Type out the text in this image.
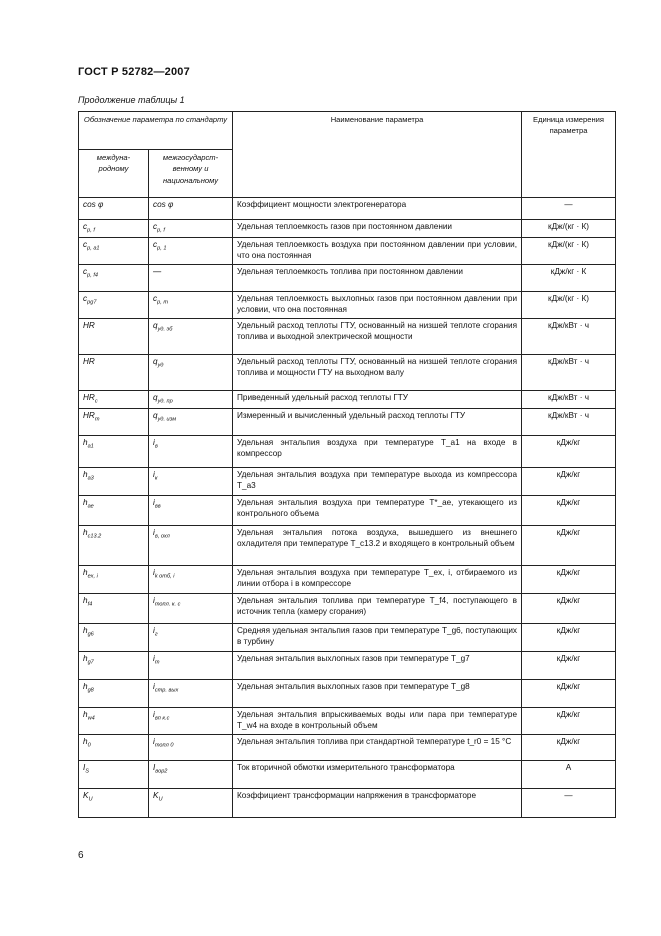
ГОСТ Р 52782—2007
Продолжение таблицы 1
Обозначение параметра по стандарту		Наименование параметра	Единица измерения параметра
междуна-родному	межгосударст-венному и национальному		
cos φ	cos φ	Коэффициент мощности электрогенератора	—
$c_{p, f}$	$c_{p, f}$	Удельная теплоемкость газов при постоянном давлении	кДж/(кг · К)
$c_{p, a1}$	$c_{p, 1}$	Удельная теплоемкость воздуха при постоянном давлении при условии, что она постоянная	кДж/(кг · К)
$c_{p, f4}$	—	Удельная теплоемкость топлива при постоянном давлении	кДж/кг · К
$c_{pg7}$	$c_{p, m}$	Удельная теплоемкость выхлопных газов при постоянном давлении при условии, что она постоянная	кДж/(кг · К)
HR	$q_{уд. эб}$	Удельный расход теплоты ГТУ, основанный на низшей теплоте сгорания топлива и выходной электрической мощности	кДж/кВт · ч
HR	$q_{уд}$	Удельный расход теплоты ГТУ, основанный на низшей теплоте сгорания топлива и мощности ГТУ на выходном валу	кДж/кВт · ч
$HR_c$	$q_{уд. пр}$	Приведенный удельный расход теплоты ГТУ	кДж/кВт · ч
$HR_m$	$q_{уд. изм}$	Измеренный и вычисленный удельный расход теплоты ГТУ	кДж/кВт · ч
$h_{a1}$	$i_в$	Удельная энтальпия воздуха при температуре T_a1 на входе в компрессор	кДж/кг
$h_{a3}$	$i_к$	Удельная энтальпия воздуха при температуре выхода из компрессора T_a3	кДж/кг
$h_{ae}$	$i_{вв}$	Удельная энтальпия воздуха при температуре T*_ae, утекающего из контрольного объема	кДж/кг
$h_{c13.2}$	$i_{в, охл}$	Удельная энтальпия потока воздуха, вышедшего из внешнего охладителя при температуре T_c13.2 и входящего в контрольный объем	кДж/кг
$h_{ex, i}$	$i_{k отб, i}$	Удельная энтальпия воздуха при температуре T_ex, i, отбираемого из линии отбора i в компрессоре	кДж/кг
$h_{f4}$	$i_{топл. к. с}$	Удельная энтальпия топлива при температуре T_f4, поступающего в источник тепла (камеру сгорания)	кДж/кг
$h_{g6}$	$i_г$	Средняя удельная энтальпия газов при температуре T_g6, поступающих в турбину	кДж/кг
$h_{g7}$	$i_т$	Удельная энтальпия выхлопных газов при температуре T_g7	кДж/кг
$h_{g8}$	$i_{стр. вых}$	Удельная энтальпия выхлопных газов при температуре T_g8	кДж/кг
$h_{w4}$	$i_{вп к.с}$	Удельная энтальпия впрыскиваемых воды или пара при температуре T_w4 на входе в контрольный объем	кДж/кг
$h_0$	$i_{топл 0}$	Удельная энтальпия топлива при стандартной температуре t_r0 = 15 °C	кДж/кг
$I_S$	$I_{вор2}$	Ток вторичной обмотки измерительного трансформатора	А
$K_U$	$K_U$	Коэффициент трансформации напряжения в трансформаторе	—
6
